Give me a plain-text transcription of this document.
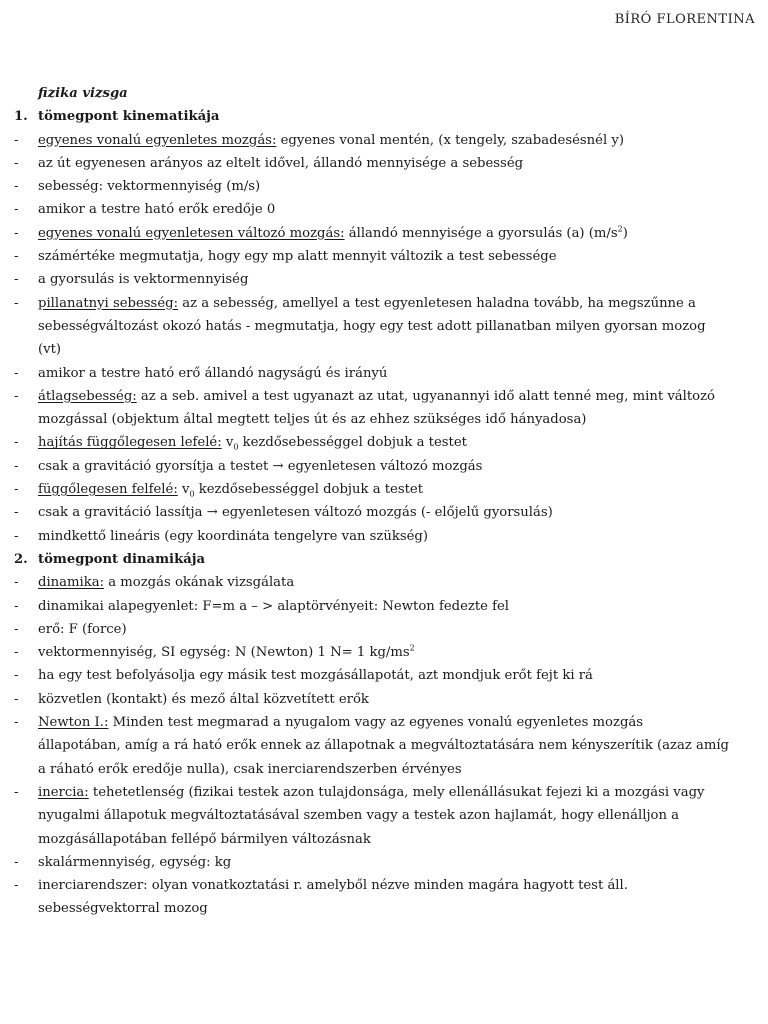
BÍRÓ FLORENTINA
fizika vizsga
1. tömegpont kinematikája
-	egyenes vonalú egyenletes mozgás: egyenes vonal mentén, (x tengely, szabadesésnél y)
-	az út egyenesen arányos az eltelt idővel, állandó mennyisége a sebesség
-	sebesség: vektormennyiség (m/s)
-	amikor a testre ható erők eredője 0
-	egyenes vonalú egyenletesen változó mozgás: állandó mennyisége a gyorsulás (a) $(m/s^2)$
-	számértéke megmutatja, hogy egy mp alatt mennyit változik a test sebessége
-	a gyorsulás is vektormennyiség
-	pillanatnyi sebesség: az a sebesség, amellyel a test egyenletesen haladna tovább, ha megszűnne a
sebességváltozást okozó hatás - megmutatja, hogy egy test adott pillanatban milyen gyorsan mozog
(vt)
-	amikor a testre ható erő állandó nagyságú és irányú
-	átlagsebesség: az a seb. amivel a test ugyanazt az utat, ugyanannyi idő alatt tenné meg, mint változó
mozgással (objektum által megtett teljes út és az ehhez szükséges idő hányadosa)
-	hajítás függőlegesen lefelé: $v_0$ kezdősebességgel dobjuk a testet
-	csak a gravitáció gyorsítja a testet → egyenletesen változó mozgás
-	függőlegesen felfelé: $v_0$ kezdősebességgel dobjuk a testet
-	csak a gravitáció lassítja → egyenletesen változó mozgás (- előjelű gyorsulás)
-	mindkettő lineáris (egy koordináta tengelyre van szükség)
2. tömegpont dinamikája
-	dinamika: a mozgás okának vizsgálata
-	dinamikai alapegyenlet: F=m a – > alaptörvényeit: Newton fedezte fel
-	erő: F (force)
-	vektormennyiség, SI egység: N (Newton) 1 N= 1 $kg/ms^2$
-	ha egy test befolyásolja egy másik test mozgásállapotát, azt mondjuk erőt fejt ki rá
-	közvetlen (kontakt) és mező által közvetített erők
-	Newton I.: Minden test megmarad a nyugalom vagy az egyenes vonalú egyenletes mozgás
állapotában, amíg a rá ható erők ennek az állapotnak a megváltoztatására nem kényszerítik (azaz amíg
a ráható erők eredője nulla), csak inerciarendszerben érvényes
-	inercia: tehetetlenség (fizikai testek azon tulajdonsága, mely ellenállásukat fejezi ki a mozgási vagy
nyugalmi állapotuk megváltoztatásával szemben vagy a testek azon hajlamát, hogy ellenálljon a
mozgásállapotában fellépő bármilyen változásnak
-	skalármennyiség, egység: kg
-	inerciarendszer: olyan vonatkoztatási r. amelyből nézve minden magára hagyott test áll.
sebességvektorral mozog
